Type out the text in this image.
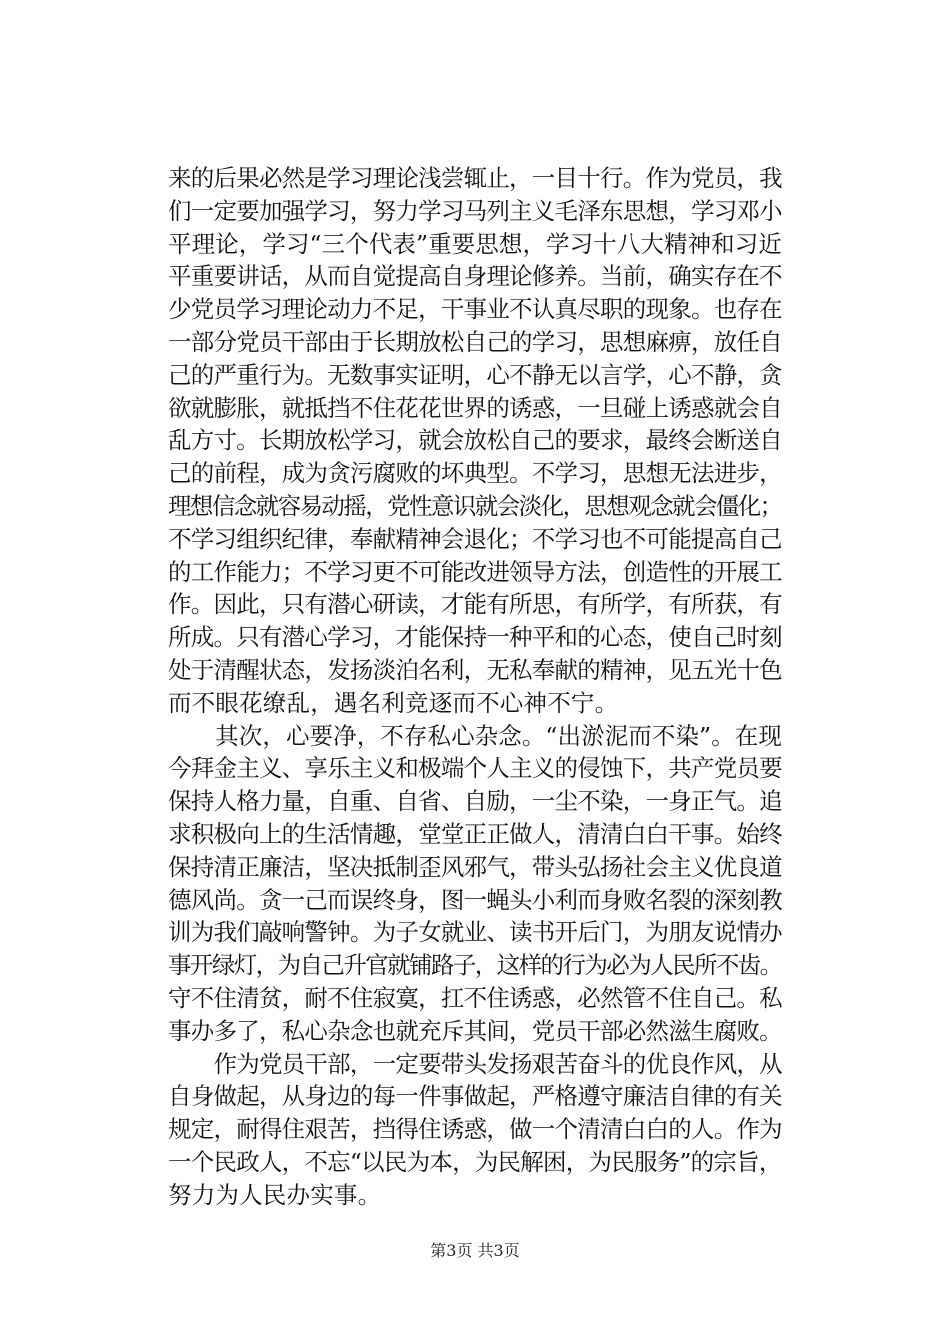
来的后果必然是学习理论浅尝辄止，一目十行。作为党员，我
们一定要加强学习，努力学习马列主义毛泽东思想，学习邓小
平理论，学习“三个代表”重要思想，学习十八大精神和习近
平重要讲话，从而自觉提高自身理论修养。当前，确实存在不
少党员学习理论动力不足，干事业不认真尽职的现象。也存在
一部分党员干部由于长期放松自己的学习，思想麻痹，放任自
己的严重行为。无数事实证明，心不静无以言学，心不静，贪
欲就膨胀，就抵挡不住花花世界的诱惑，一旦碰上诱惑就会自
乱方寸。长期放松学习，就会放松自己的要求，最终会断送自
己的前程，成为贪污腐败的坏典型。不学习，思想无法进步，
理想信念就容易动摇，党性意识就会淡化，思想观念就会僵化；
不学习组织纪律，奉献精神会退化；不学习也不可能提高自己
的工作能力；不学习更不可能改进领导方法，创造性的开展工
作。因此，只有潜心研读，才能有所思，有所学，有所获，有
所成。只有潜心学习，才能保持一种平和的心态，使自己时刻
处于清醒状态，发扬淡泊名利，无私奉献的精神，见五光十色
而不眼花缭乱，遇名利竞逐而不心神不宁。
　　其次，心要净，不存私心杂念。“出淤泥而不染”。在现
今拜金主义、享乐主义和极端个人主义的侵蚀下，共产党员要
保持人格力量，自重、自省、自励，一尘不染，一身正气。追
求积极向上的生活情趣，堂堂正正做人，清清白白干事。始终
保持清正廉洁，坚决抵制歪风邪气，带头弘扬社会主义优良道
德风尚。贪一己而误终身，图一蝇头小利而身败名裂的深刻教
训为我们敲响警钟。为子女就业、读书开后门，为朋友说情办
事开绿灯，为自己升官就铺路子，这样的行为必为人民所不齿。
守不住清贫，耐不住寂寞，扛不住诱惑，必然管不住自己。私
事办多了，私心杂念也就充斥其间，党员干部必然滋生腐败。
　　作为党员干部，一定要带头发扬艰苦奋斗的优良作风，从
自身做起，从身边的每一件事做起，严格遵守廉洁自律的有关
规定，耐得住艰苦，挡得住诱惑，做一个清清白白的人。作为
一个民政人，不忘“以民为本，为民解困，为民服务”的宗旨，
努力为人民办实事。
第3页 共3页
